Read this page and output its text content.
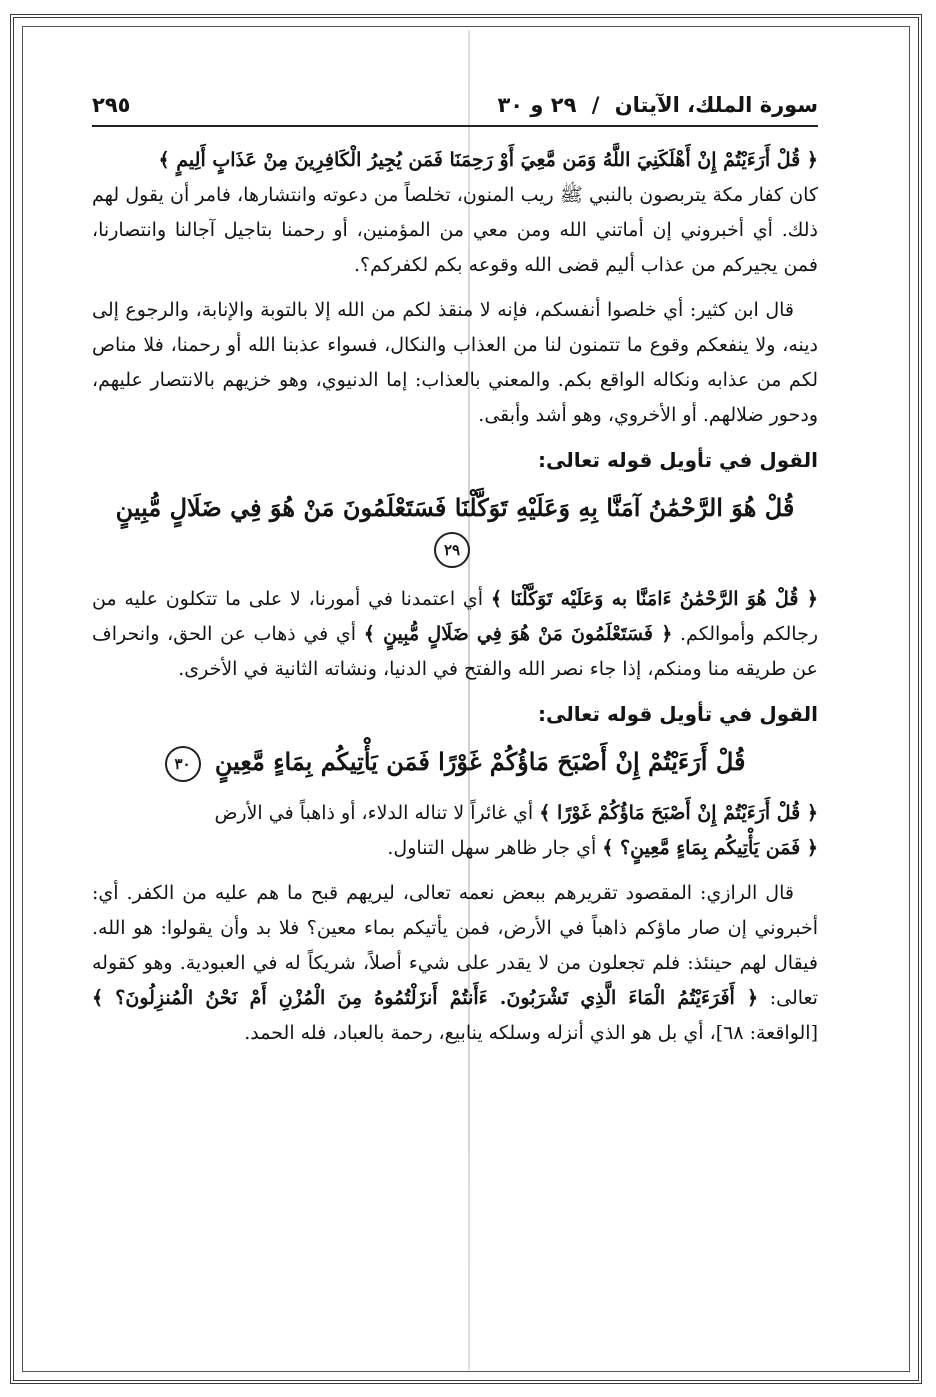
سورة الملك، الآيتان / ٢٩ و ٣٠
٢٩٥

﴿ قُلْ أَرَءَيْتُمْ إِنْ أَهْلَكَنِيَ اللَّهُ وَمَن مَّعِيَ أَوْ رَحِمَنَا فَمَن يُجِيرُ الْكَافِرِينَ مِنْ عَذَابٍ أَلِيمٍ ﴾
كان كفار مكة يتربصون بالنبي ﷺ ريب المنون، تخلصاً من دعوته وانتشارها، فامر أن يقول لهم ذلك. أي أخبروني إن أماتني الله ومن معي من المؤمنين، أو رحمنا بتاجيل آجالنا وانتصارنا، فمن يجيركم من عذاب أليم قضى الله وقوعه بكم لكفركم؟.

قال ابن كثير: أي خلصوا أنفسكم، فإنه لا منقذ لكم من الله إلا بالتوبة والإنابة، والرجوع إلى دينه، ولا ينفعكم وقوع ما تتمنون لنا من العذاب والنكال، فسواء عذبنا الله أو رحمنا، فلا مناص لكم من عذابه ونكاله الواقع بكم. والمعني بالعذاب: إما الدنيوي، وهو خزيهم بالانتصار عليهم، ودحور ضلالهم. أو الأخروي، وهو أشد وأبقى.

القول في تأويل قوله تعالى:
قُلْ هُوَ الرَّحْمَٰنُ آمَنَّا بِهِ وَعَلَيْهِ تَوَكَّلْنَا فَسَتَعْلَمُونَ مَنْ هُوَ فِي ضَلَالٍ مُّبِينٍ ٢٩

﴿ قُلْ هُوَ الرَّحْمَٰنُ ءَامَنَّا به وَعَلَيْه تَوَكَّلْنَا ﴾ أي اعتمدنا في أمورنا، لا على ما تتكلون عليه من رجالكم وأموالكم. ﴿ فَسَتَعْلَمُونَ مَنْ هُوَ فِي ضَلَالٍ مُّبِينٍ ﴾ أي في ذهاب عن الحق، وانحراف عن طريقه منا ومنكم، إذا جاء نصر الله والفتح في الدنيا، ونشاته الثانية في الأخرى.

القول في تأويل قوله تعالى:
قُلْ أَرَءَيْتُمْ إِنْ أَصْبَحَ مَاؤُكُمْ غَوْرًا فَمَن يَأْتِيكُم بِمَاءٍ مَّعِينٍ ٣٠

﴿ قُلْ أَرَءَيْتُمْ إِنْ أَصْبَحَ مَاؤُكُمْ غَوْرًا ﴾ أي غائراً لا تناله الدلاء، أو ذاهباً في الأرض
﴿ فَمَن يَأْتِيكُم بِمَاءٍ مَّعِينٍ؟ ﴾ أي جار ظاهر سهل التناول.

قال الرازي: المقصود تقريرهم ببعض نعمه تعالى، ليريهم قبح ما هم عليه من الكفر. أي: أخبروني إن صار ماؤكم ذاهباً في الأرض، فمن يأتيكم بماء معين؟ فلا بد وأن يقولوا: هو الله. فيقال لهم حينئذ: فلم تجعلون من لا يقدر على شيء أصلاً، شريكاً له في العبودية. وهو كقوله تعالى: ﴿ أَفَرَءَيْتُمُ الْمَاءَ الَّذِي تَشْرَبُونَ. ءَأَنتُمْ أَنزَلْتُمُوهُ مِنَ الْمُزْنِ أَمْ نَحْنُ الْمُنزِلُونَ؟ ﴾ [الواقعة: ٦٨]، أي بل هو الذي أنزله وسلكه ينابيع، رحمة بالعباد، فله الحمد.
